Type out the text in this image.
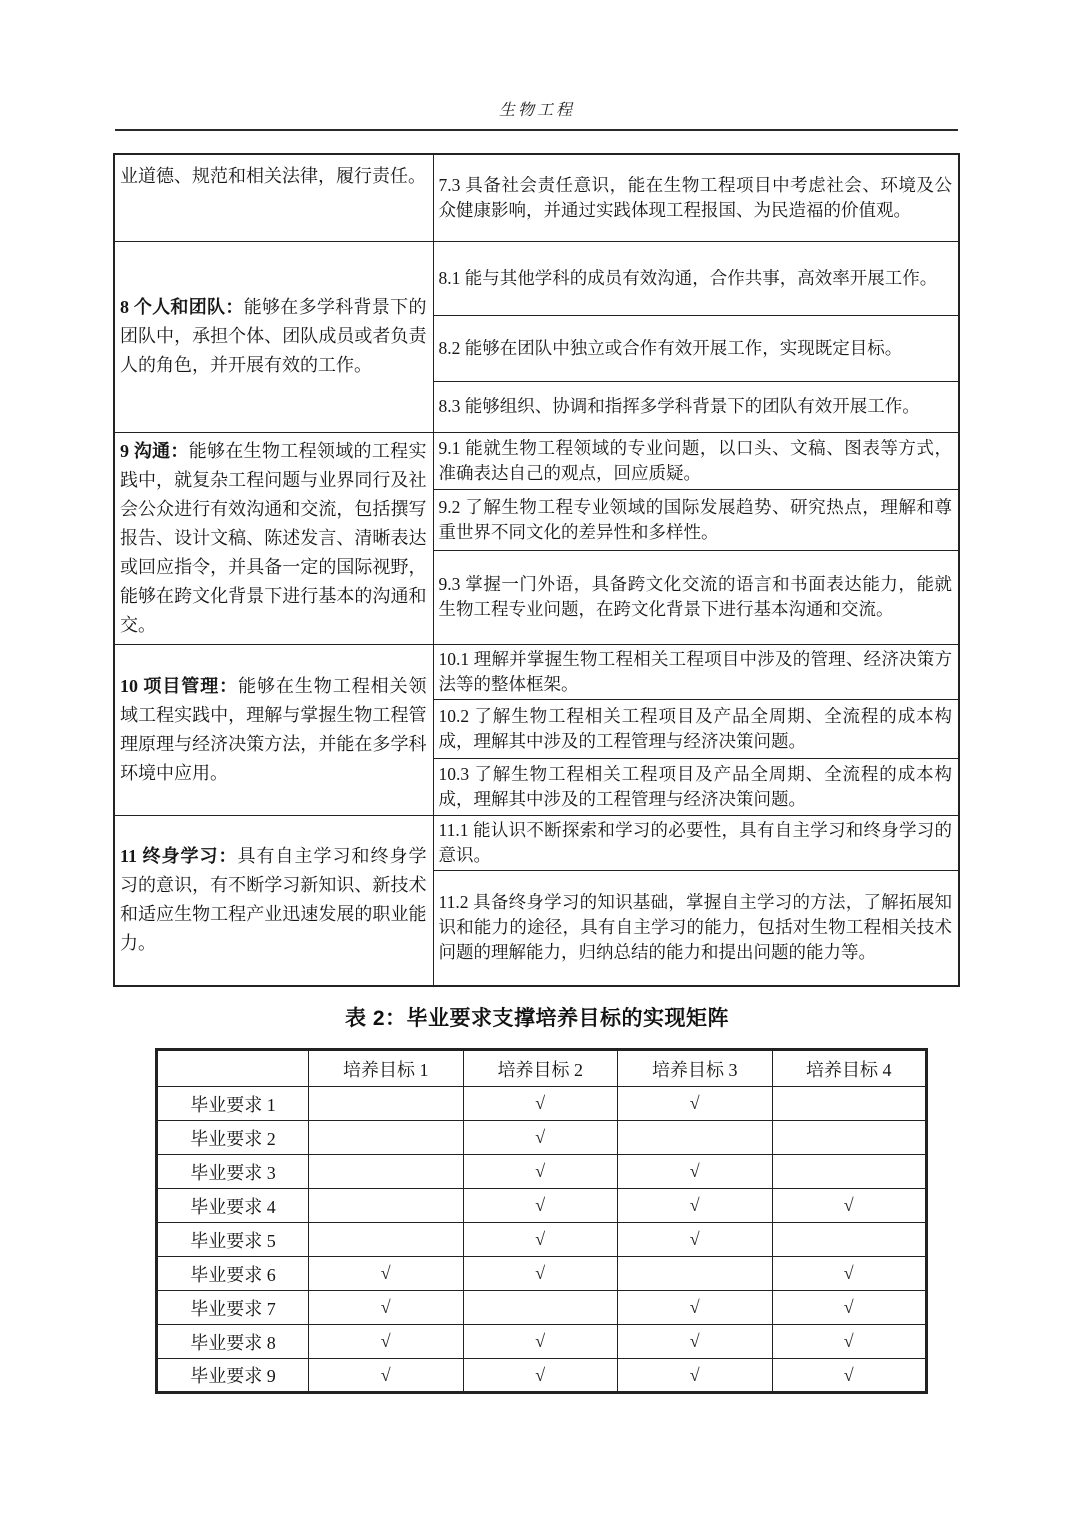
生物工程
业道德、规范和相关法律，履行责任。	7.3 具备社会责任意识，能在生物工程项目中考虑社会、环境及公众健康影响，并通过实践体现工程报国、为民造福的价值观。
8 个人和团队：能够在多学科背景下的团队中，承担个体、团队成员或者负责人的角色，并开展有效的工作。	8.1 能与其他学科的成员有效沟通，合作共事，高效率开展工作。
	8.2 能够在团队中独立或合作有效开展工作，实现既定目标。
	8.3 能够组织、协调和指挥多学科背景下的团队有效开展工作。
9 沟通：能够在生物工程领域的工程实践中，就复杂工程问题与业界同行及社会公众进行有效沟通和交流，包括撰写报告、设计文稿、陈述发言、清晰表达或回应指令，并具备一定的国际视野，能够在跨文化背景下进行基本的沟通和交。	9.1 能就生物工程领域的专业问题，以口头、文稿、图表等方式，准确表达自己的观点，回应质疑。
	9.2 了解生物工程专业领域的国际发展趋势、研究热点，理解和尊重世界不同文化的差异性和多样性。
	9.3 掌握一门外语，具备跨文化交流的语言和书面表达能力，能就生物工程专业问题，在跨文化背景下进行基本沟通和交流。
10 项目管理：能够在生物工程相关领域工程实践中，理解与掌握生物工程管理原理与经济决策方法，并能在多学科环境中应用。	10.1 理解并掌握生物工程相关工程项目中涉及的管理、经济决策方法等的整体框架。
	10.2 了解生物工程相关工程项目及产品全周期、全流程的成本构成，理解其中涉及的工程管理与经济决策问题。
	10.3 了解生物工程相关工程项目及产品全周期、全流程的成本构成，理解其中涉及的工程管理与经济决策问题。
11 终身学习：具有自主学习和终身学习的意识，有不断学习新知识、新技术和适应生物工程产业迅速发展的职业能力。	11.1 能认识不断探索和学习的必要性，具有自主学习和终身学习的意识。
	11.2 具备终身学习的知识基础，掌握自主学习的方法，了解拓展知识和能力的途径，具有自主学习的能力，包括对生物工程相关技术问题的理解能力，归纳总结的能力和提出问题的能力等。
表 2：毕业要求支撑培养目标的实现矩阵
	培养目标 1	培养目标 2	培养目标 3	培养目标 4
毕业要求 1		√	√	
毕业要求 2		√		
毕业要求 3		√	√	
毕业要求 4		√	√	√
毕业要求 5		√	√	
毕业要求 6	√	√		√
毕业要求 7	√		√	√
毕业要求 8	√	√	√	√
毕业要求 9	√	√	√	√
